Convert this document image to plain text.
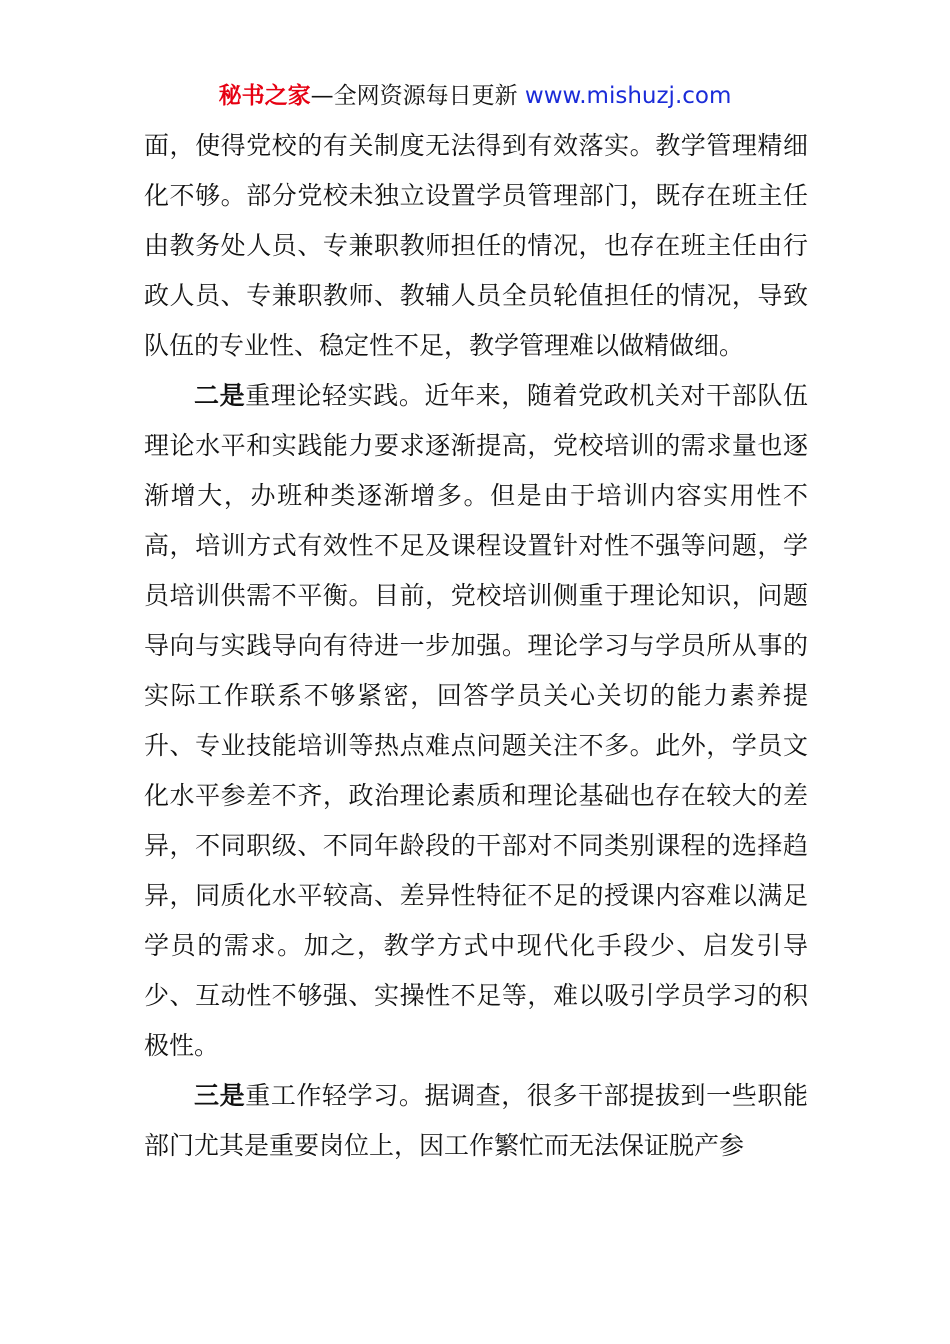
秘书之家—全网资源每日更新 www.mishuzj.com

面，使得党校的有关制度无法得到有效落实。教学管理精细化不够。部分党校未独立设置学员管理部门，既存在班主任由教务处人员、专兼职教师担任的情况，也存在班主任由行政人员、专兼职教师、教辅人员全员轮值担任的情况，导致队伍的专业性、稳定性不足，教学管理难以做精做细。

二是重理论轻实践。近年来，随着党政机关对干部队伍理论水平和实践能力要求逐渐提高，党校培训的需求量也逐渐增大，办班种类逐渐增多。但是由于培训内容实用性不高，培训方式有效性不足及课程设置针对性不强等问题，学员培训供需不平衡。目前，党校培训侧重于理论知识，问题导向与实践导向有待进一步加强。理论学习与学员所从事的实际工作联系不够紧密，回答学员关心关切的能力素养提升、专业技能培训等热点难点问题关注不多。此外，学员文化水平参差不齐，政治理论素质和理论基础也存在较大的差异，不同职级、不同年龄段的干部对不同类别课程的选择趋异，同质化水平较高、差异性特征不足的授课内容难以满足学员的需求。加之，教学方式中现代化手段少、启发引导少、互动性不够强、实操性不足等，难以吸引学员学习的积极性。

三是重工作轻学习。据调查，很多干部提拔到一些职能部门尤其是重要岗位上，因工作繁忙而无法保证脱产参
